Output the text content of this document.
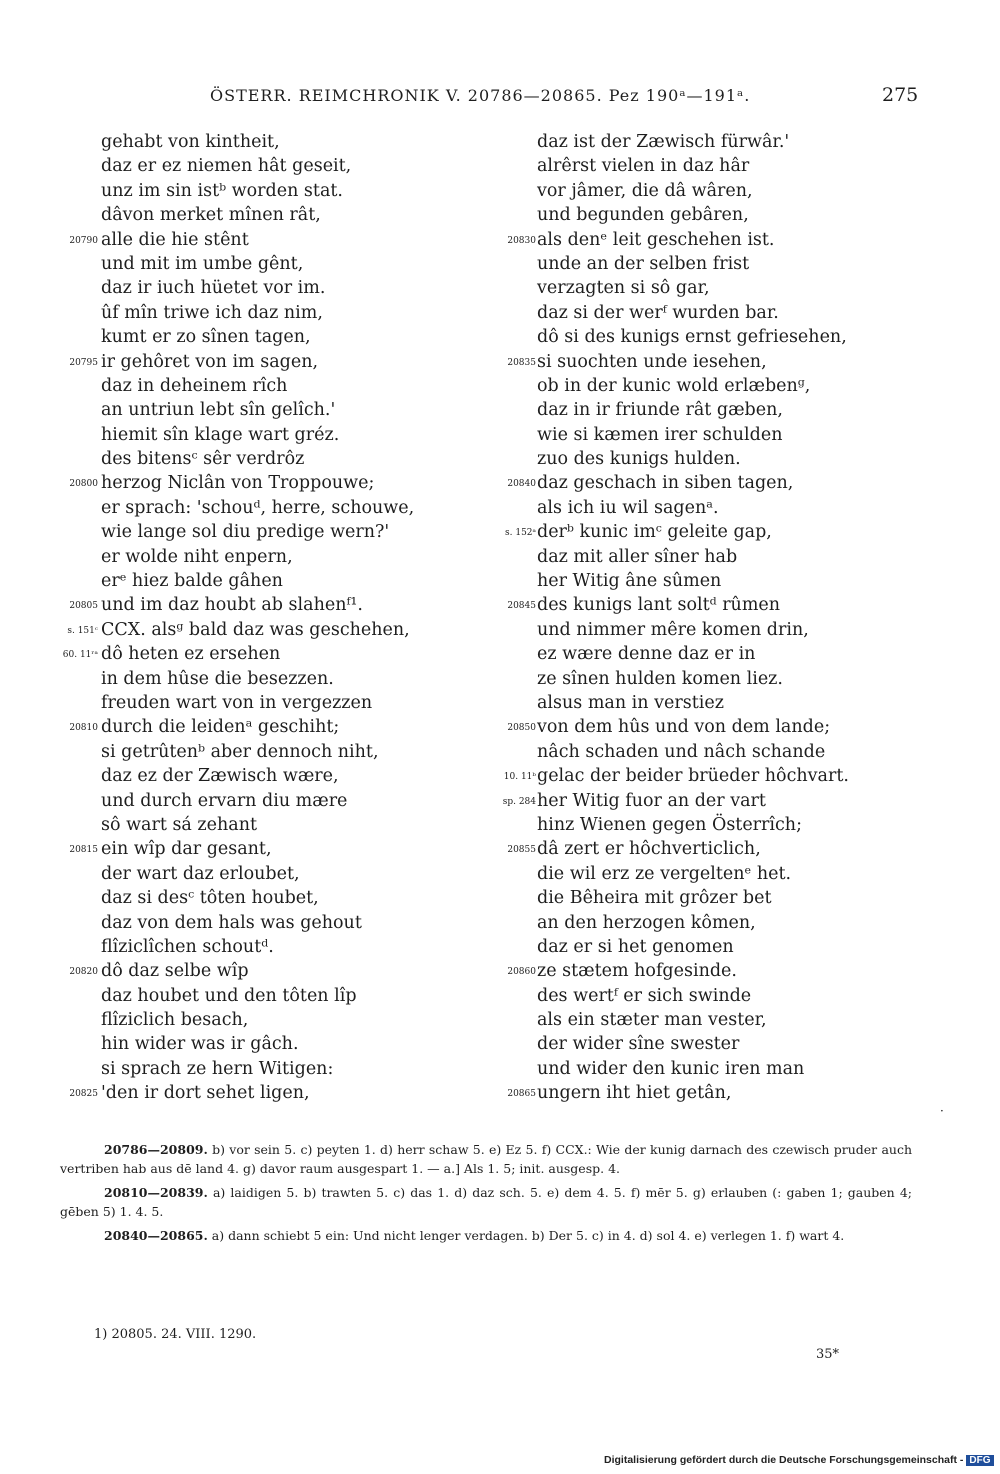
ÖSTERR. REIMCHRONIK V. 20786—20865. Pez 190ᵃ—191ᵃ.	275
gehabt von kintheit,
daz er ez niemen hât geseit,
unz im sin istᵇ worden stat.
dâvon merket mînen rât,
20790 alle die hie stênt
und mit im umbe gênt,
daz ir iuch hüetet vor im.
ûf mîn triwe ich daz nim,
kumt er zo sînen tagen,
20795 ir gehôret von im sagen,
daz in deheinem rîch
an untriun lebt sîn gelîch.'
hiemit sîn klage wart gréz.
des bitensᶜ sêr verdrôz
20800 herzog Niclân von Troppouwe;
er sprach: 'schouᵈ, herre, schouwe,
wie lange sol diu predige wern?'
er wolde niht enpern,
erᵉ hiez balde gâhen
20805 und im daz houbt ab slahenᶠ¹.
s. 151ᶜ CCX. alsᵍ bald daz was geschehen,
60. 11ʳᵃ dô heten ez ersehen
in dem hûse die besezzen.
freuden wart von in vergezzen
20810 durch die leidenᵃ geschiht;
si getrûtenᵇ aber dennoch niht,
daz ez der Zæwisch wære,
und durch ervarn diu mære
sô wart sá zehant
20815 ein wîp dar gesant,
der wart daz erloubet,
daz si desᶜ tôten houbet,
daz von dem hals was gehout
flîziclîchen schoutᵈ.
20820 dô daz selbe wîp
daz houbet und den tôten lîp
flîziclich besach,
hin wider was ir gâch.
si sprach ze hern Witigen:
20825 'den ir dort sehet ligen,
daz ist der Zæwisch fürwâr.'
alrêrst vielen in daz hâr
vor jâmer, die dâ wâren,
und begunden gebâren,
20830 als denᵉ leit geschehen ist.
unde an der selben frist
verzagten si sô gar,
daz si der werᶠ wurden bar.
dô si des kunigs ernst gefriesehen,
20835 si suochten unde iesehen,
ob in der kunic wold erlæbenᵍ,
daz in ir friunde rât gæben,
wie si kæmen irer schulden
zuo des kunigs hulden.
20840 daz geschach in siben tagen,
als ich iu wil sagenᵃ.
s. 152ᵃ derᵇ kunic imᶜ geleite gap,
daz mit aller sîner hab
her Witig âne sûmen
20845 des kunigs lant soltᵈ rûmen
und nimmer mêre komen drin,
ez wære denne daz er in
ze sînen hulden komen liez.
alsus man in verstiez
20850 von dem hûs und von dem lande;
nâch schaden und nâch schande
10. 11ᵇ gelac der beider brüeder hôchvart.
sp. 284 her Witig fuor an der vart
hinz Wienen gegen Österrîch;
20855 dâ zert er hôchverticlich,
die wil erz ze vergeltenᵉ het.
die Bêheira mit grôzer bet
an den herzogen kômen,
daz er si het genomen
20860 ze stætem hofgesinde.
des wertᶠ er sich swinde
als ein stæter man vester,
der wider sîne swester
und wider den kunic iren man
20865 ungern iht hiet getân,

20786—20809. b) vor sein 5. c) peyten 1. d) herr schaw 5. e) Ez 5. f) CCX.: Wie der kunig darnach des czewisch pruder auch vertriben hab aus dē land 4. g) davor raum ausgespart 1. — a.] Als 1. 5; init. ausgesp. 4.

20810—20839. a) laidigen 5. b) trawten 5. c) das 1. d) daz sch. 5. e) dem 4. 5. f) mēr 5. g) erlauben (: gaben 1; gauben 4; gēben 5) 1. 4. 5.

20840—20865. a) dann schiebt 5 ein: Und nicht lenger verdagen. b) Der 5. c) in 4. d) sol 4. e) verlegen 1. f) wart 4.

1) 20805. 24. VIII. 1290.
35*
·
Digitalisierung gefördert durch die Deutsche Forschungsgemeinschaft - DFG
